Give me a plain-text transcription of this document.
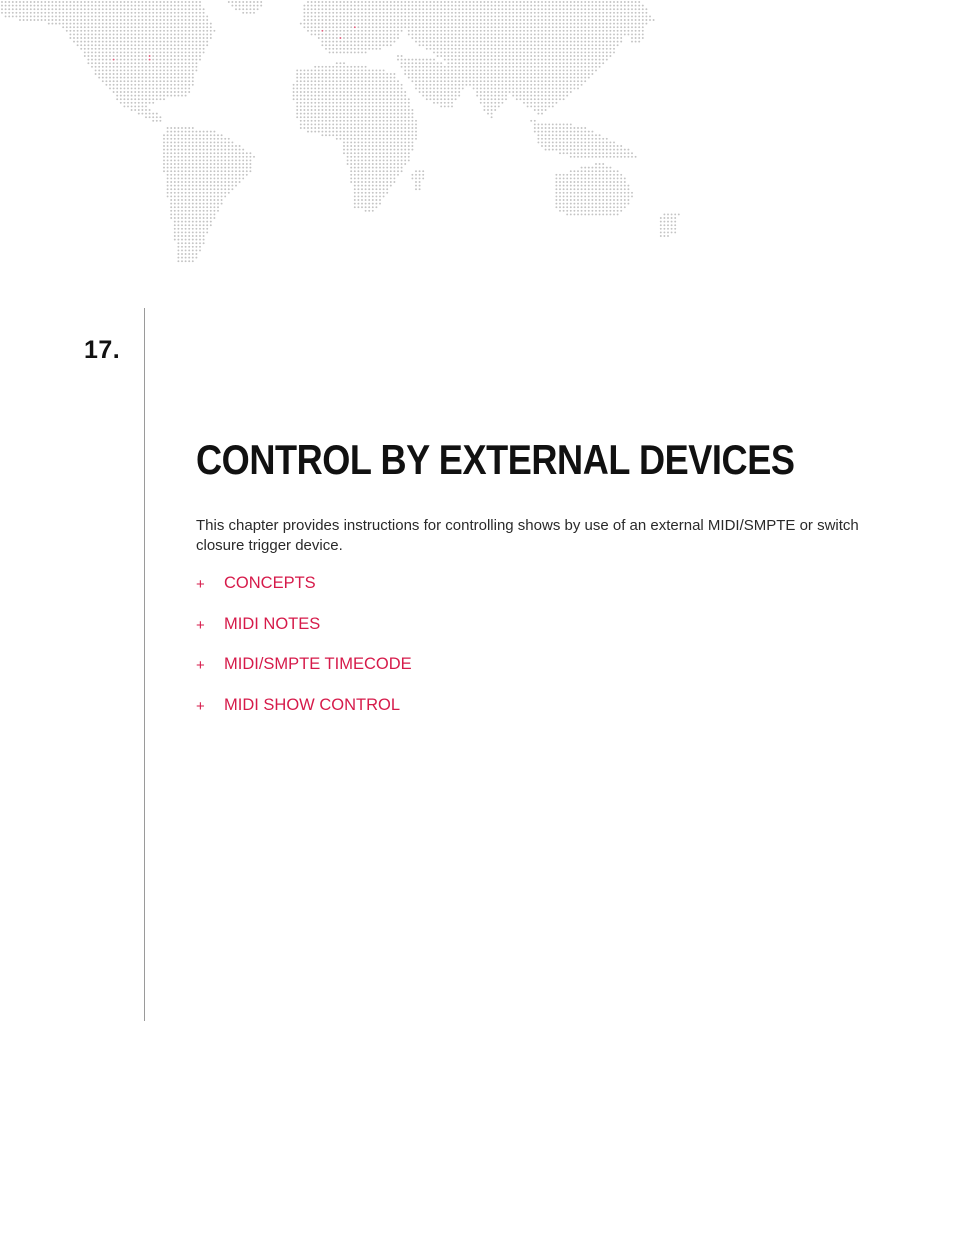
17.
CONTROL BY EXTERNAL DEVICES

This chapter provides instructions for controlling shows by use of an external MIDI/SMPTE or switch closure trigger device.

+	CONCEPTS
+	MIDI NOTES
+	MIDI/SMPTE TIMECODE
+	MIDI SHOW CONTROL
